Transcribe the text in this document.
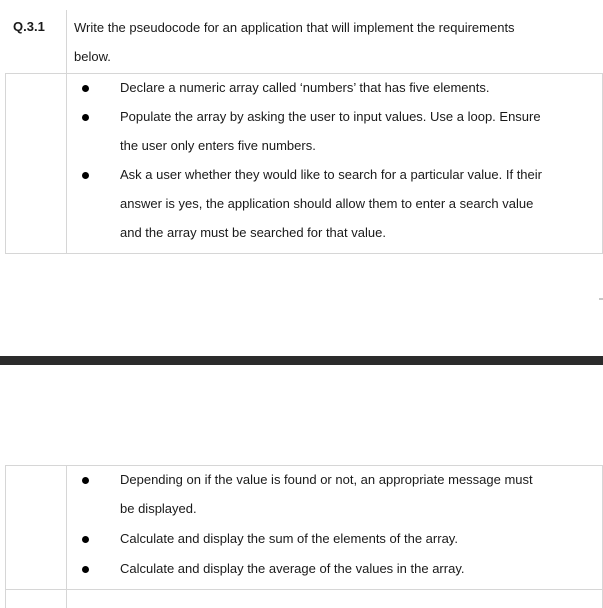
Q.3.1 Write the pseudocode for an application that will implement the requirements
below.
Declare a numeric array called ‘numbers’ that has five elements.
Populate the array by asking the user to input values. Use a loop. Ensure
the user only enters five numbers.
Ask a user whether they would like to search for a particular value. If their
answer is yes, the application should allow them to enter a search value
and the array must be searched for that value.
Depending on if the value is found or not, an appropriate message must
be displayed.
Calculate and display the sum of the elements of the array.
Calculate and display the average of the values in the array.
